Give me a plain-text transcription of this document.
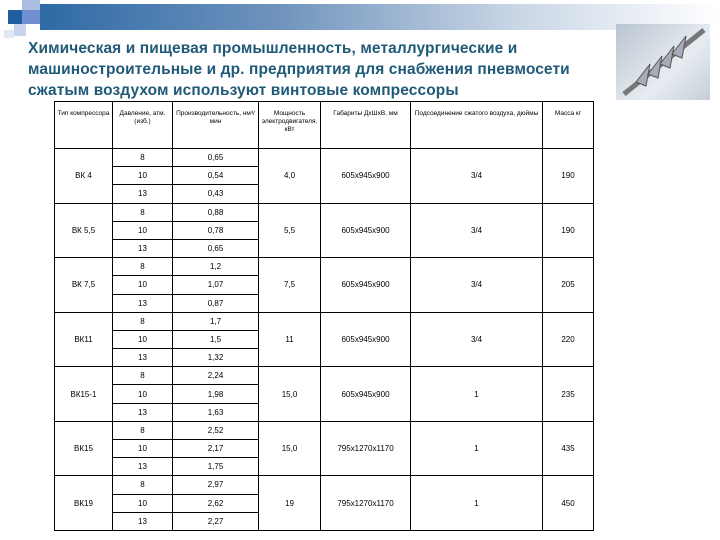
Химическая и пищевая промышленность, металлургические и машиностроительные и др. предприятия для снабжения пневмосети сжатым воздухом используют винтовые компрессоры
Тип компрессора	Давление, атм. (изб.)	Производительность, нм³/мин	Мощность электродвигателя, кВт	Габариты ДхШхВ, мм	Подсоединение сжатого воздуха, дюймы	Масса кг
ВК 4	8	0,65	4,0	605x945x900	3/4	190
	10	0,54				
	13	0,43				
ВК 5,5	8	0,88	5,5	605x945x900	3/4	190
	10	0,78				
	13	0,65				
ВК 7,5	8	1,2	7,5	605x945x900	3/4	205
	10	1,07				
	13	0,87				
ВК11	8	1,7	11	605x945x900	3/4	220
	10	1,5				
	13	1,32				
ВК15-1	8	2,24	15,0	605x945x900	1	235
	10	1,98				
	13	1,63				
ВК15	8	2,52	15,0	795x1270x1170	1	435
	10	2,17				
	13	1,75				
ВК19	8	2,97	19	795x1270x1170	1	450
	10	2,62				
	13	2,27				
